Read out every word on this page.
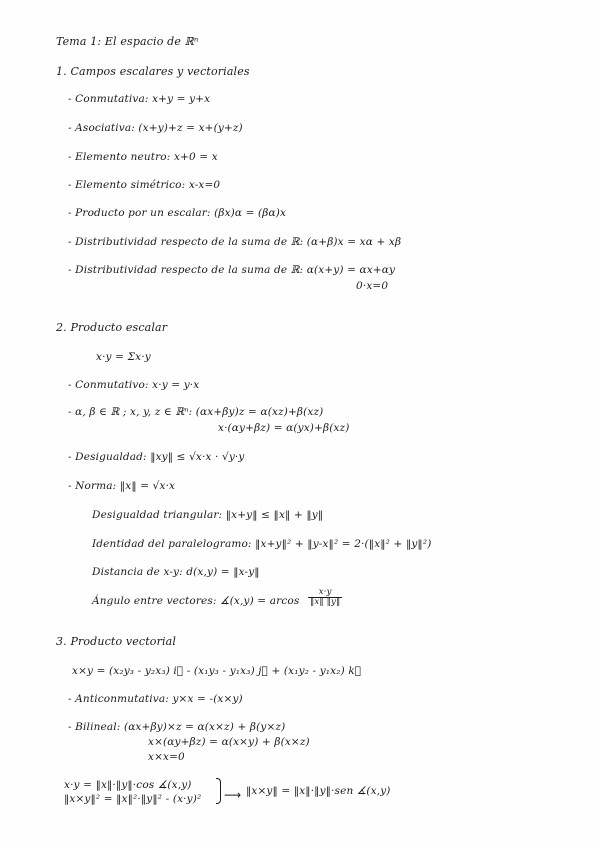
Tema 1: El espacio de ℝⁿ
1. Campos escalares y vectoriales
- Conmutativa: x+y = y+x
- Asociativa: (x+y)+z = x+(y+z)
- Elemento neutro: x+0 = x
- Elemento simétrico: x-x=0
- Producto por un escalar: (βx)α = (βα)x
- Distributividad respecto de la suma de ℝ: (α+β)x = xα + xβ
- Distributividad respecto de la suma de ℝ: α(x+y) = αx+αy
0·x=0
2. Producto escalar
x·y = Σx·y
- Conmutativo: x·y = y·x
- α, β ∈ ℝ ; x, y, z ∈ ℝⁿ: (αx+βy)z = α(xz)+β(xz)
x·(αy+βz) = α(yx)+β(xz)
- Desigualdad: ‖xy‖ ≤ √x·x · √y·y
- Norma: ‖x‖ = √x·x
Desigualdad triangular: ‖x+y‖ ≤ ‖x‖ + ‖y‖
Identidad del paralelogramo: ‖x+y‖² + ‖y-x‖² = 2·(‖x‖² + ‖y‖²)
Distancia de x-y: d(x,y) = ‖x-y‖
Ángulo entre vectores: ∡(x,y) = arcos $\frac{x\cdot y}{‖x‖ ‖y‖}$
3. Producto vectorial
x×y = (x₂y₃ - y₂x₃) i⃗ - (x₁y₃ - y₁x₃) j⃗ + (x₁y₂ - y₁x₂) k⃗
- Anticonmutativa: y×x = -(x×y)
- Bilineal: (αx+βy)×z = α(x×z) + β(y×z)
x×(αy+βz) = α(x×y) + β(x×z)
x×x=0
x·y = ‖x‖·‖y‖·cos ∡(x,y)
‖x×y‖² = ‖x‖²·‖y‖² - (x·y)² ⟶ ‖x×y‖ = ‖x‖·‖y‖·sen ∡(x,y)
